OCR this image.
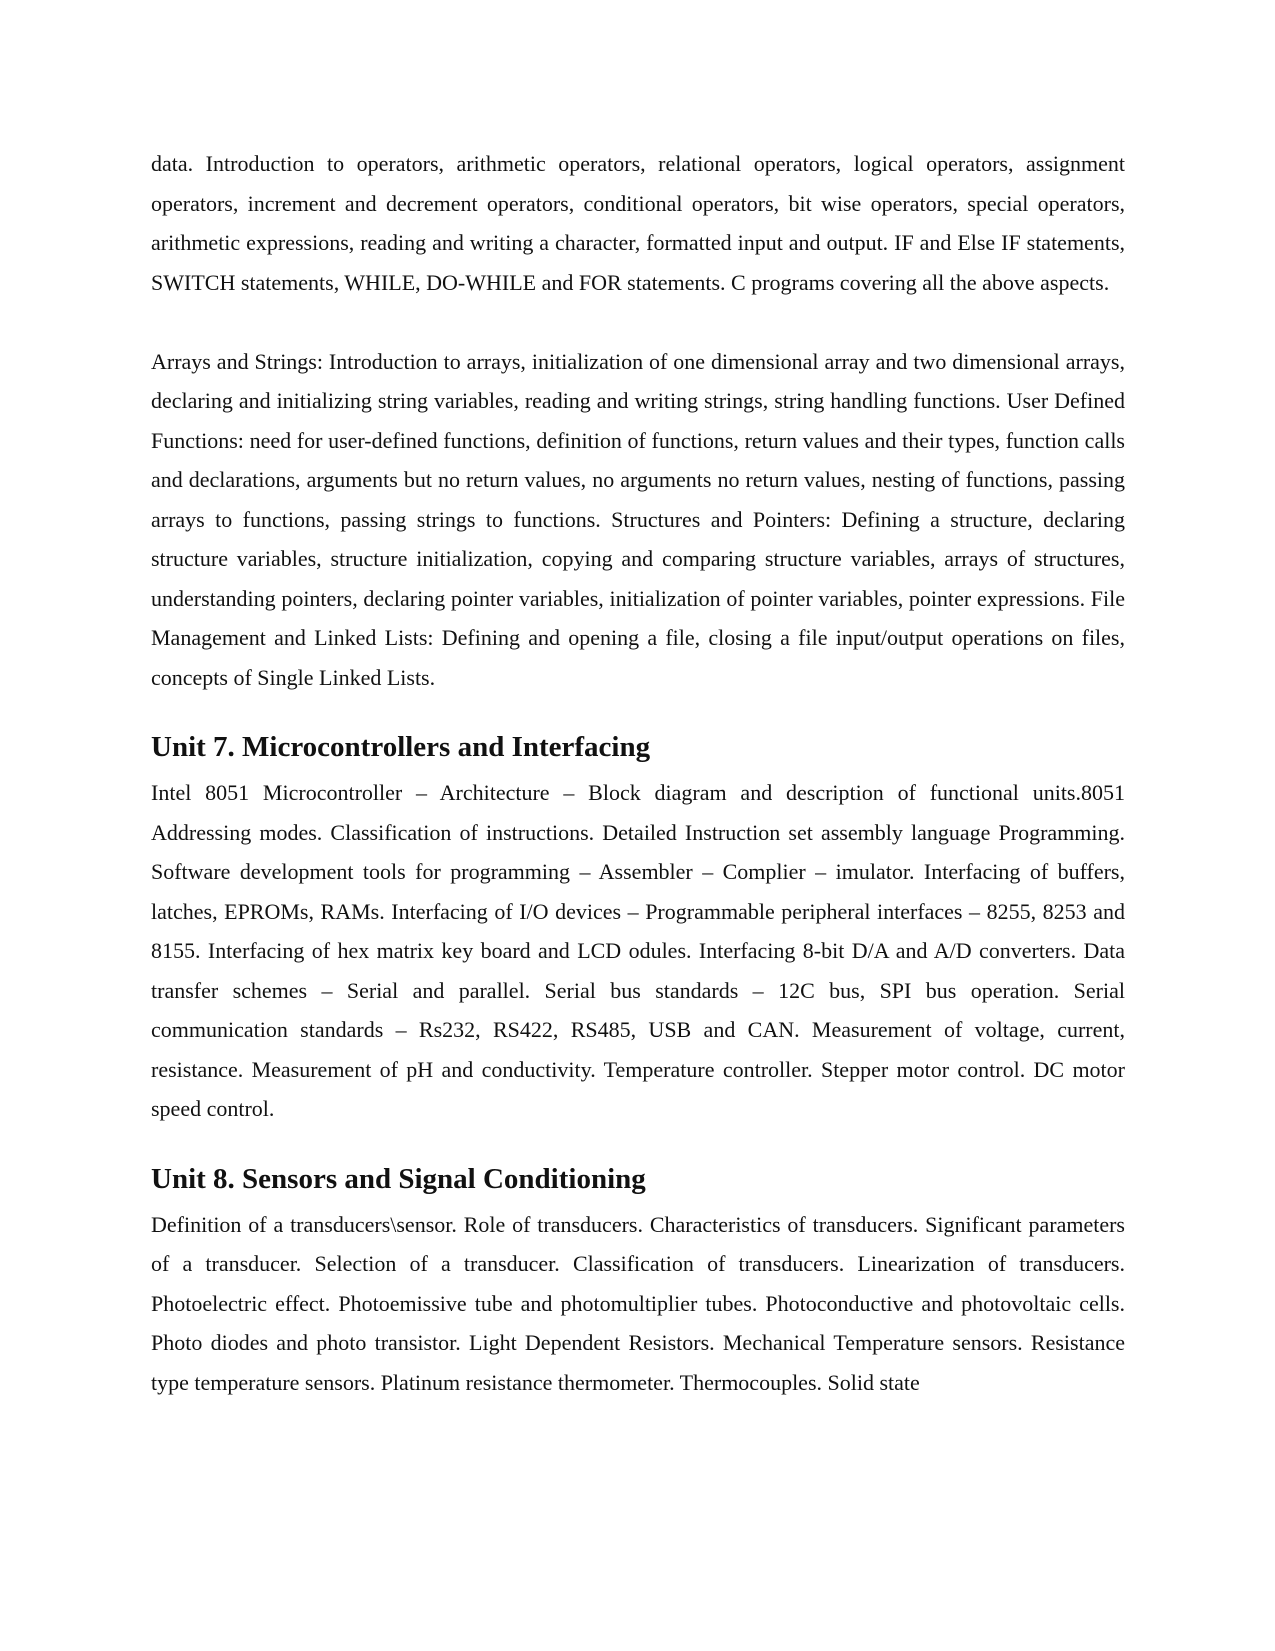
data. Introduction to operators, arithmetic operators, relational operators, logical operators, assignment operators, increment and decrement operators, conditional operators, bit wise operators, special operators, arithmetic expressions, reading and writing a character, formatted input and output. IF and Else IF statements, SWITCH statements, WHILE, DO-WHILE and FOR statements. C programs covering all the above aspects.

Arrays and Strings: Introduction to arrays, initialization of one dimensional array and two dimensional arrays, declaring and initializing string variables, reading and writing strings, string handling functions. User Defined Functions: need for user-defined functions, definition of functions, return values and their types, function calls and declarations, arguments but no return values, no arguments no return values, nesting of functions, passing arrays to functions, passing strings to functions. Structures and Pointers: Defining a structure, declaring structure variables, structure initialization, copying and comparing structure variables, arrays of structures, understanding pointers, declaring pointer variables, initialization of pointer variables, pointer expressions. File Management and Linked Lists: Defining and opening a file, closing a file input/output operations on files, concepts of Single Linked Lists.

Unit 7. Microcontrollers and Interfacing

Intel 8051 Microcontroller – Architecture – Block diagram and description of functional units.8051 Addressing modes. Classification of instructions. Detailed Instruction set assembly language Programming. Software development tools for programming – Assembler – Complier – imulator. Interfacing of buffers, latches, EPROMs, RAMs. Interfacing of I/O devices – Programmable peripheral interfaces – 8255, 8253 and 8155. Interfacing of hex matrix key board and LCD odules. Interfacing 8-bit D/A and A/D converters. Data transfer schemes – Serial and parallel. Serial bus standards – 12C bus, SPI bus operation. Serial communication standards – Rs232, RS422, RS485, USB and CAN. Measurement of voltage, current, resistance. Measurement of pH and conductivity. Temperature controller. Stepper motor control. DC motor speed control.

Unit 8. Sensors and Signal Conditioning

Definition of a transducers\sensor. Role of transducers. Characteristics of transducers. Significant parameters of a transducer. Selection of a transducer. Classification of transducers. Linearization of transducers. Photoelectric effect. Photoemissive tube and photomultiplier tubes. Photoconductive and photovoltaic cells. Photo diodes and photo transistor. Light Dependent Resistors. Mechanical Temperature sensors. Resistance type temperature sensors. Platinum resistance thermometer. Thermocouples. Solid state
